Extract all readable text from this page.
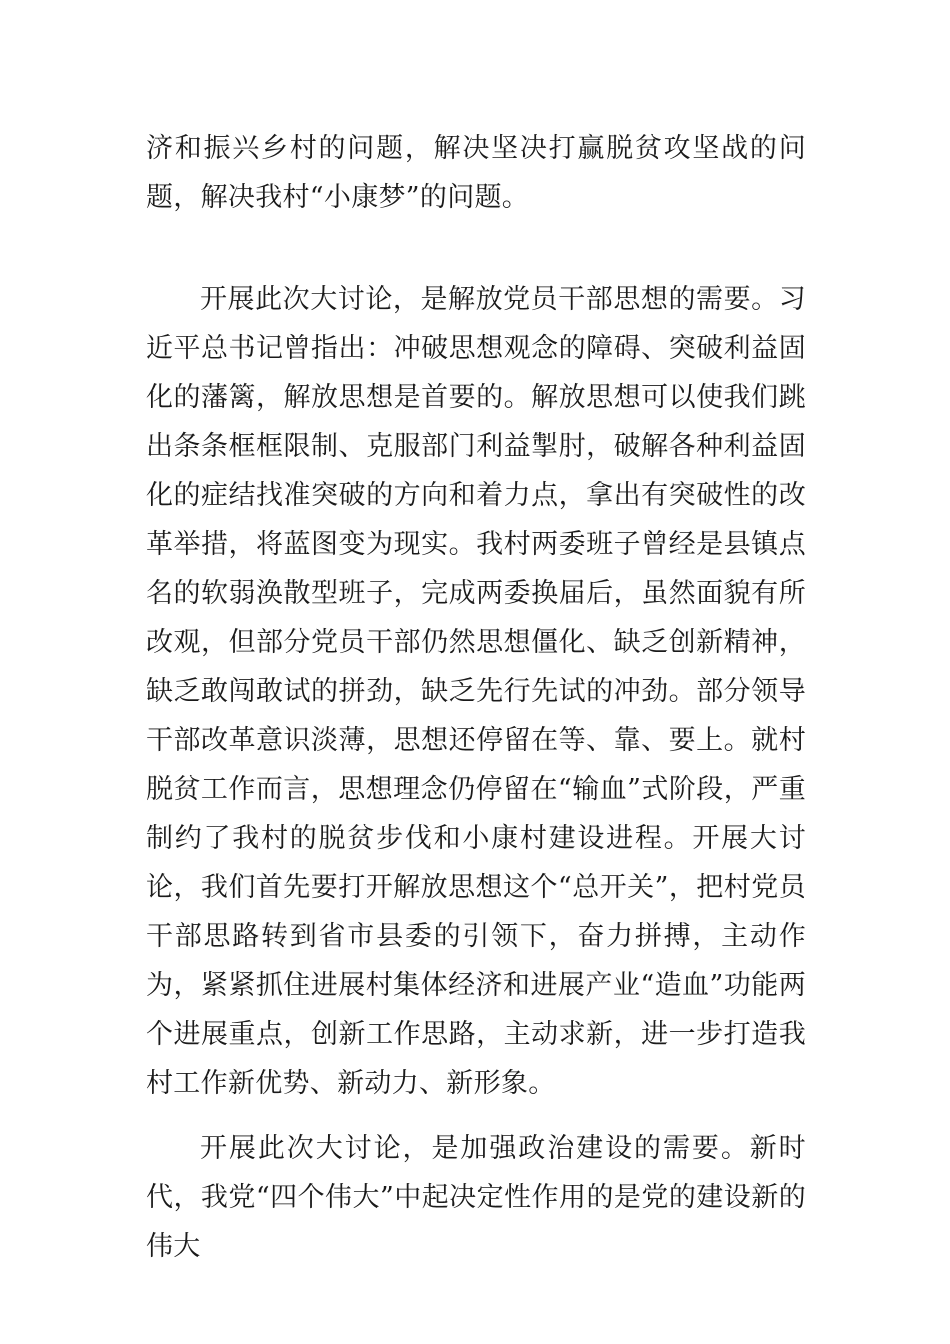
济和振兴乡村的问题，解决坚决打赢脱贫攻坚战的问题，解决我村“小康梦”的问题。

开展此次大讨论，是解放党员干部思想的需要。习近平总书记曾指出：冲破思想观念的障碍、突破利益固化的藩篱，解放思想是首要的。解放思想可以使我们跳出条条框框限制、克服部门利益掣肘，破解各种利益固化的症结找准突破的方向和着力点，拿出有突破性的改革举措，将蓝图变为现实。我村两委班子曾经是县镇点名的软弱涣散型班子，完成两委换届后，虽然面貌有所改观，但部分党员干部仍然思想僵化、缺乏创新精神，缺乏敢闯敢试的拼劲，缺乏先行先试的冲劲。部分领导干部改革意识淡薄，思想还停留在等、靠、要上。就村脱贫工作而言，思想理念仍停留在“输血”式阶段，严重制约了我村的脱贫步伐和小康村建设进程。开展大讨论，我们首先要打开解放思想这个“总开关”，把村党员干部思路转到省市县委的引领下，奋力拼搏，主动作为，紧紧抓住进展村集体经济和进展产业“造血”功能两个进展重点，创新工作思路，主动求新，进一步打造我村工作新优势、新动力、新形象。

开展此次大讨论，是加强政治建设的需要。新时代，我党“四个伟大”中起决定性作用的是党的建设新的伟大
